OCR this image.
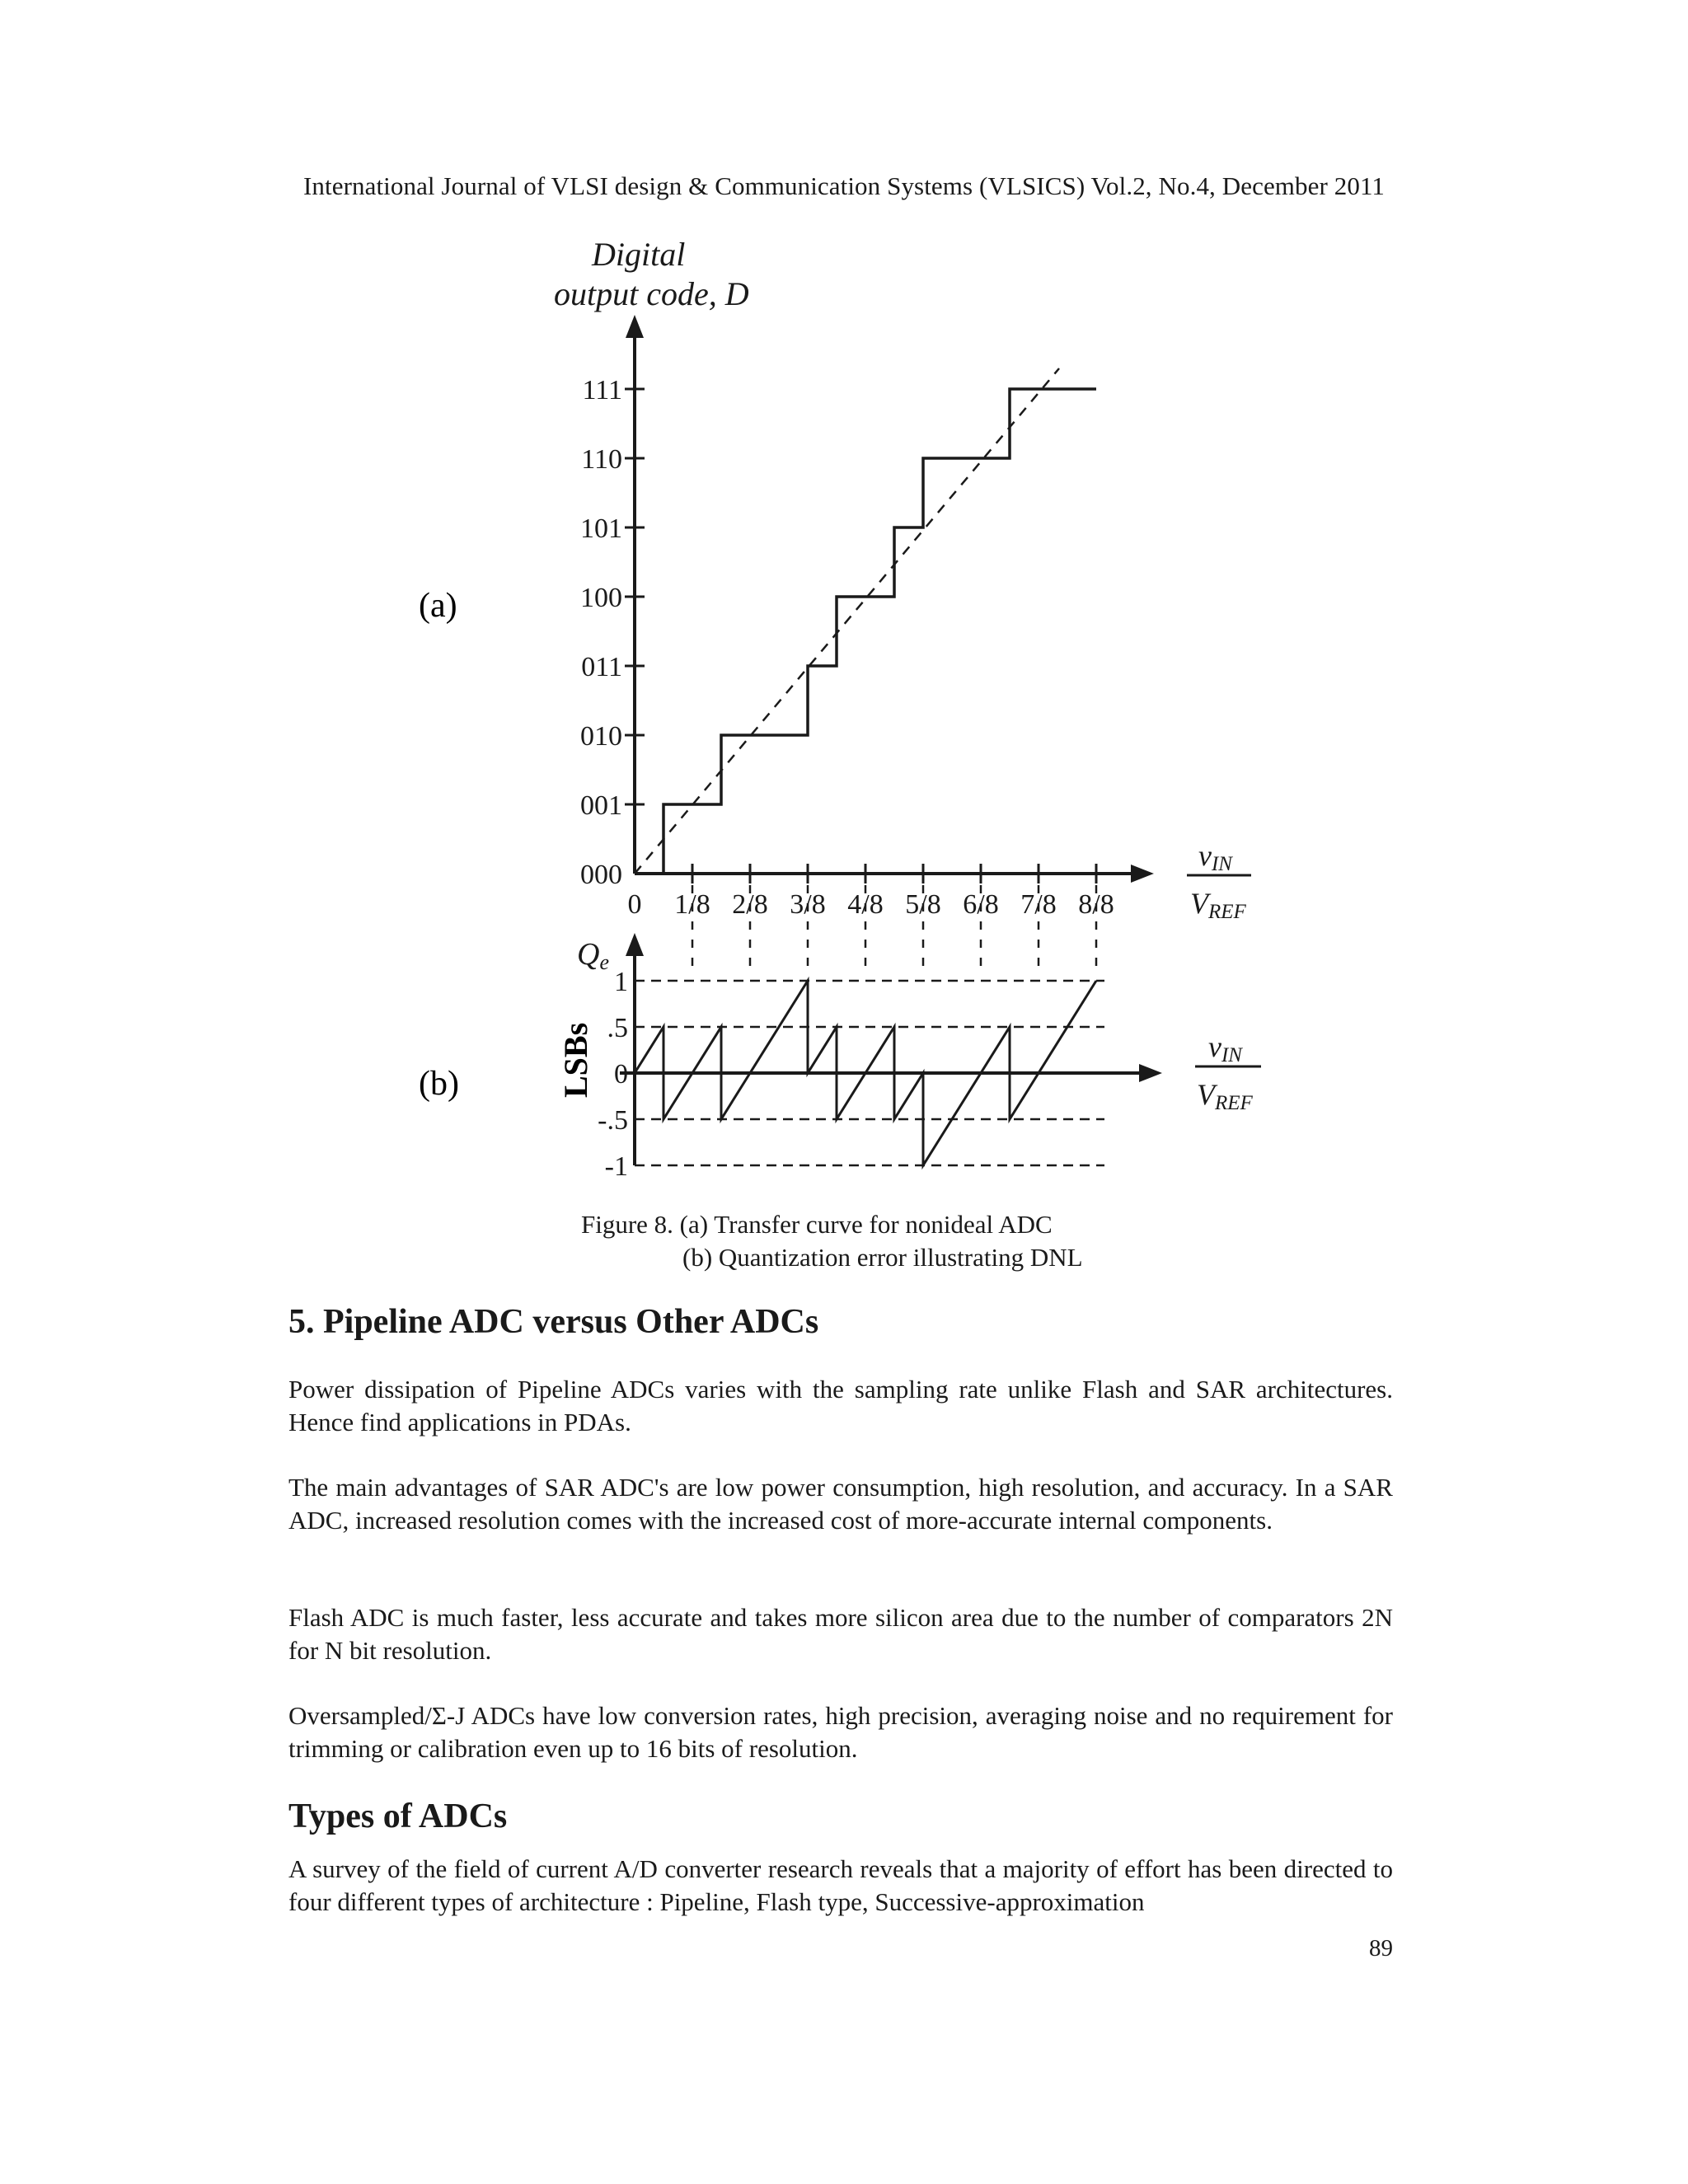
International Journal of VLSI design & Communication Systems (VLSICS) Vol.2, No.4, December 2011
Digital
output code, D
(a)
(b)
000
001
010
011
100
101
110
111
0 1/8 2/8 3/8 4/8 5/8 6/8 7/8 8/8
vIN
VREF
1
.5
0
-.5
-1
Qe
LSBs	vIN
VREF
Figure 8. (a) Transfer curve for nonideal ADC
(b) Quantization error illustrating DNL
5. Pipeline ADC versus Other ADCs
Power dissipation of Pipeline ADCs varies with the sampling rate unlike Flash and SAR architectures. Hence find applications in PDAs.
The main advantages of SAR ADC's are low power consumption, high resolution, and accuracy. In a SAR ADC, increased resolution comes with the increased cost of more-accurate internal components.
Flash ADC is much faster, less accurate and takes more silicon area due to the number of comparators 2N for N bit resolution.
Oversampled/Σ-J ADCs have low conversion rates, high precision, averaging noise and no requirement for trimming or calibration even up to 16 bits of resolution.
Types of ADCs
A survey of the field of current A/D converter research reveals that a majority of effort has been directed to four different types of architecture : Pipeline, Flash type, Successive-approximation
89
